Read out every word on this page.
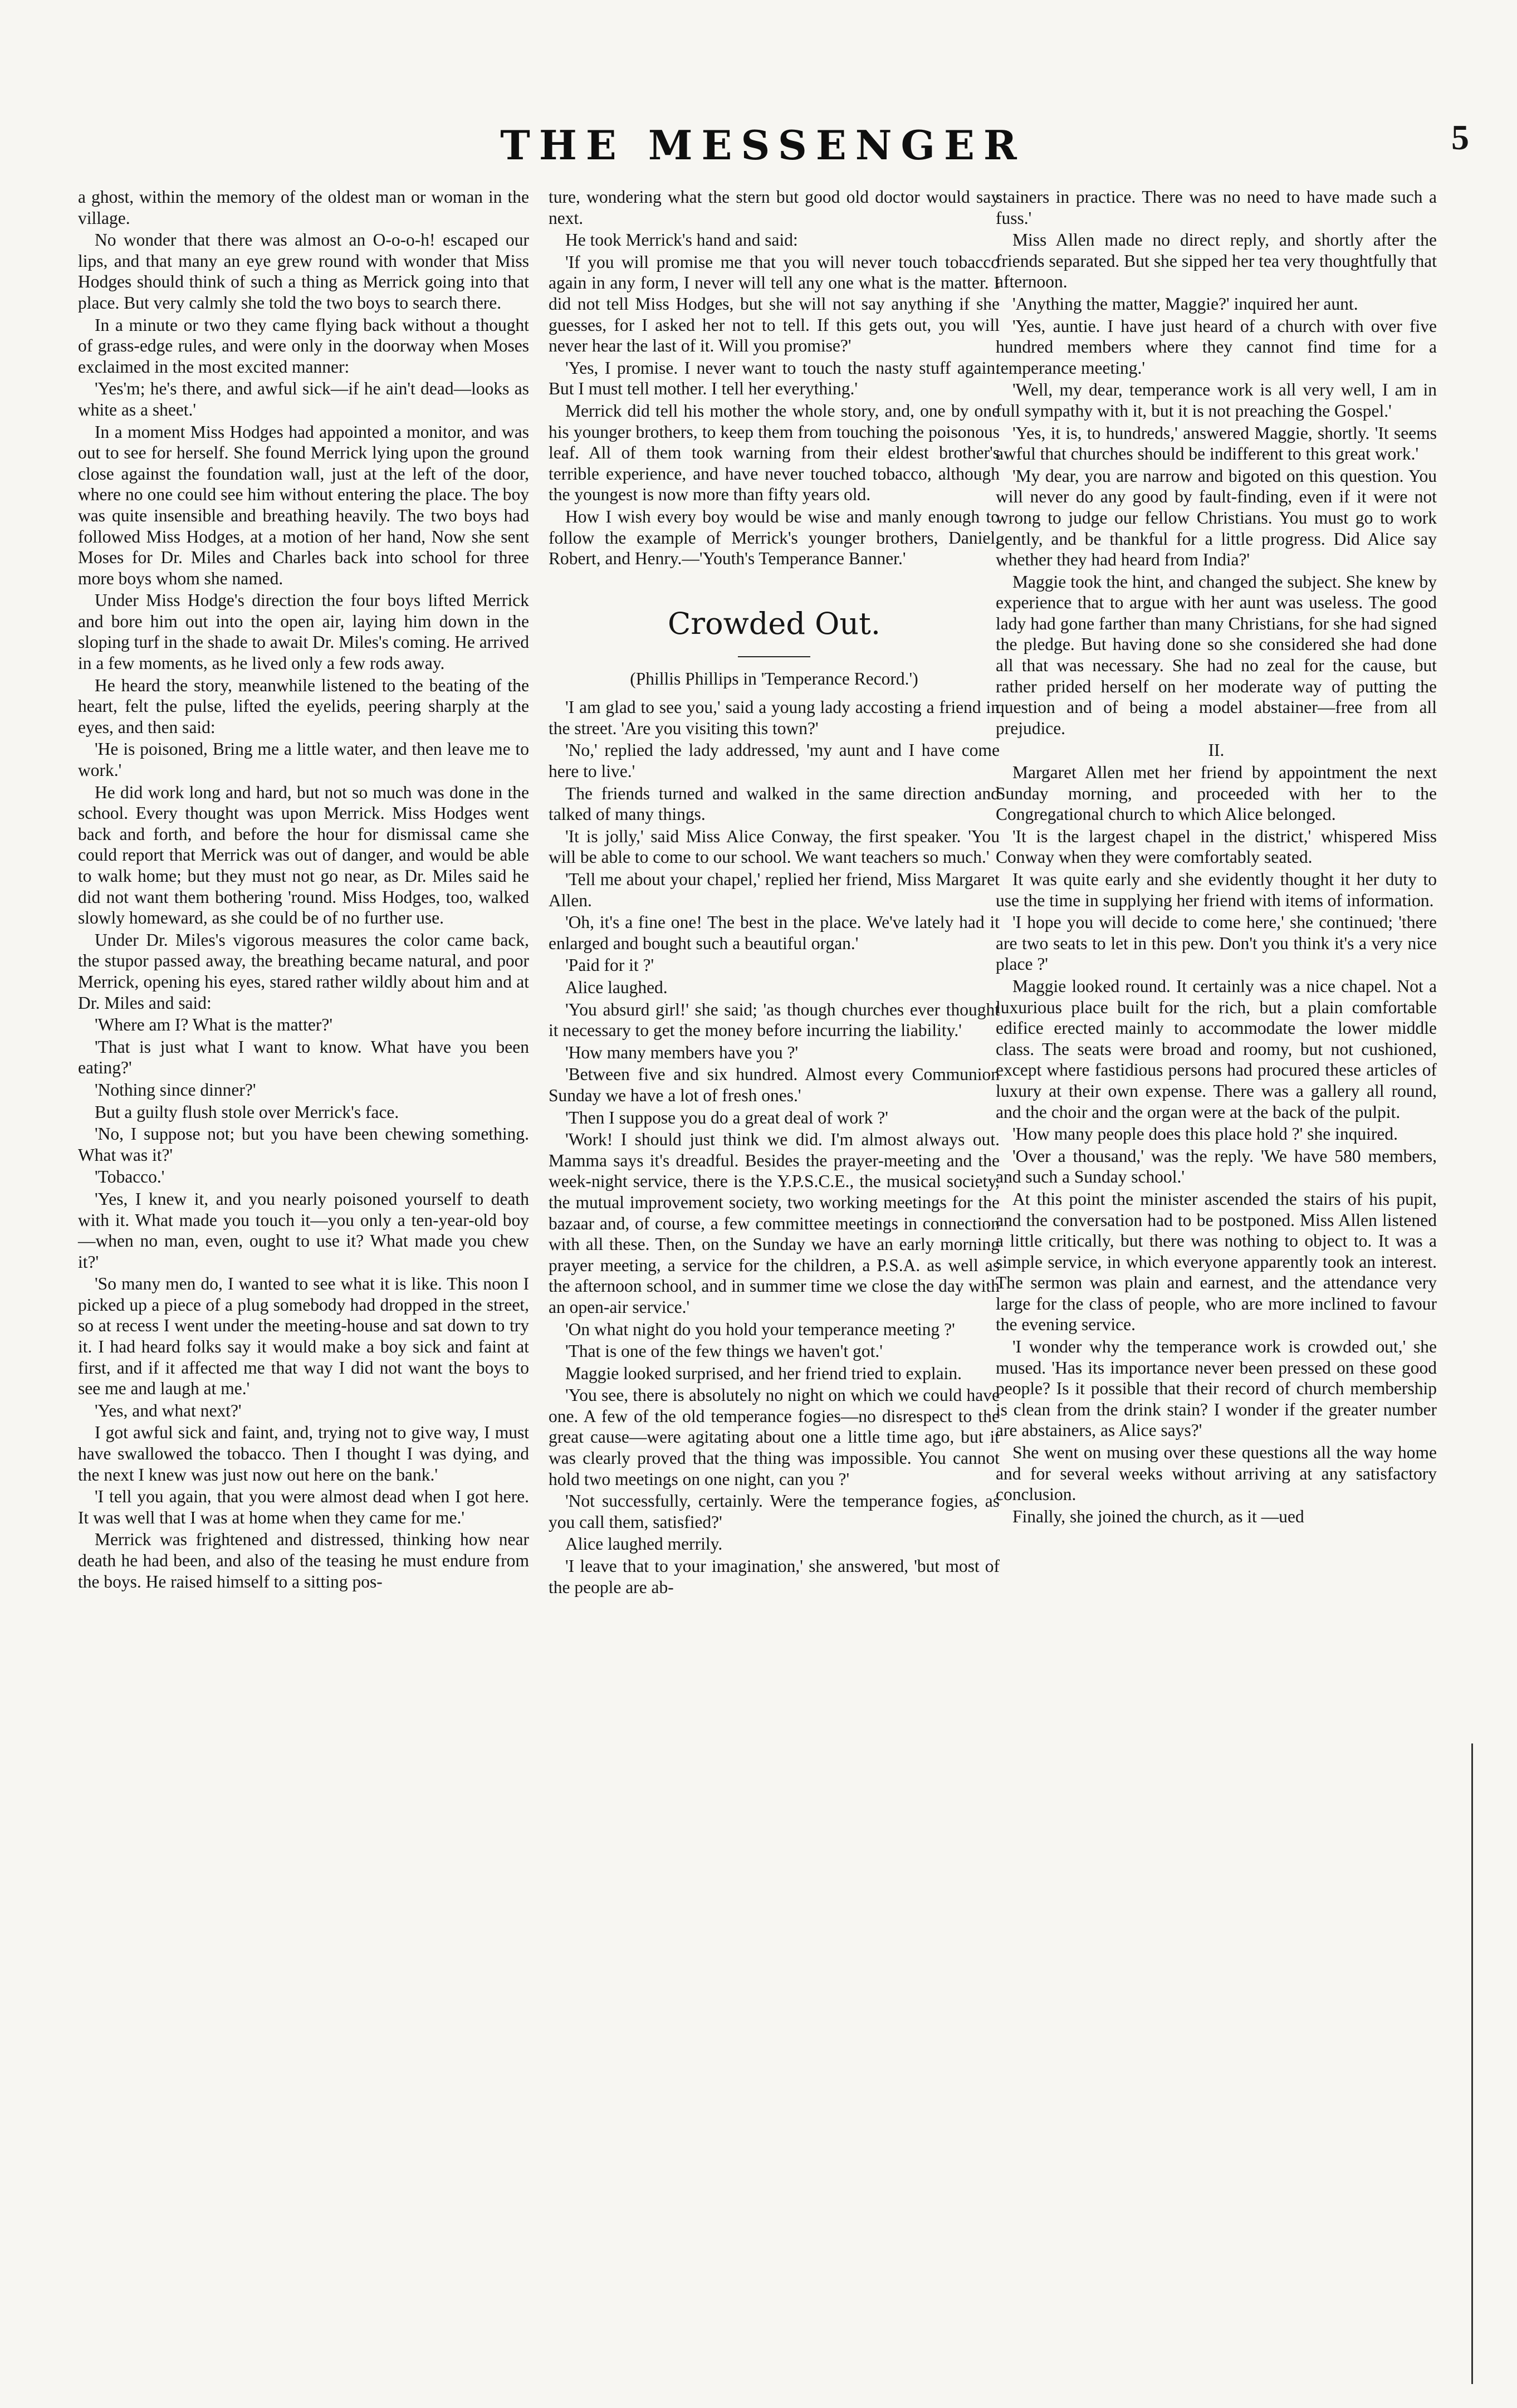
THE MESSENGER	5

a ghost, within the memory of the oldest man or woman in the village.

No wonder that there was almost an O-o-o-h! escaped our lips, and that many an eye grew round with wonder that Miss Hodges should think of such a thing as Merrick going into that place. But very calmly she told the two boys to search there.

In a minute or two they came flying back without a thought of grass-edge rules, and were only in the doorway when Moses exclaimed in the most excited manner:

'Yes'm; he's there, and awful sick—if he ain't dead—looks as white as a sheet.'

In a moment Miss Hodges had appointed a monitor, and was out to see for herself. She found Merrick lying upon the ground close against the foundation wall, just at the left of the door, where no one could see him without entering the place. The boy was quite insensible and breathing heavily. The two boys had followed Miss Hodges, at a motion of her hand, Now she sent Moses for Dr. Miles and Charles back into school for three more boys whom she named.

Under Miss Hodge's direction the four boys lifted Merrick and bore him out into the open air, laying him down in the sloping turf in the shade to await Dr. Miles's coming. He arrived in a few moments, as he lived only a few rods away.

He heard the story, meanwhile listened to the beating of the heart, felt the pulse, lifted the eyelids, peering sharply at the eyes, and then said:

'He is poisoned, Bring me a little water, and then leave me to work.'

He did work long and hard, but not so much was done in the school. Every thought was upon Merrick. Miss Hodges went back and forth, and before the hour for dismissal came she could report that Merrick was out of danger, and would be able to walk home; but they must not go near, as Dr. Miles said he did not want them bothering 'round. Miss Hodges, too, walked slowly homeward, as she could be of no further use.

Under Dr. Miles's vigorous measures the color came back, the stupor passed away, the breathing became natural, and poor Merrick, opening his eyes, stared rather wildly about him and at Dr. Miles and said:

'Where am I? What is the matter?'

'That is just what I want to know. What have you been eating?'

'Nothing since dinner?'

But a guilty flush stole over Merrick's face.

'No, I suppose not; but you have been chewing something. What was it?'

'Tobacco.'

'Yes, I knew it, and you nearly poisoned yourself to death with it. What made you touch it—you only a ten-year-old boy—when no man, even, ought to use it? What made you chew it?'

'So many men do, I wanted to see what it is like. This noon I picked up a piece of a plug somebody had dropped in the street, so at recess I went under the meeting-house and sat down to try it. I had heard folks say it would make a boy sick and faint at first, and if it affected me that way I did not want the boys to see me and laugh at me.'

'Yes, and what next?'

I got awful sick and faint, and, trying not to give way, I must have swallowed the tobacco. Then I thought I was dying, and the next I knew was just now out here on the bank.'

'I tell you again, that you were almost dead when I got here. It was well that I was at home when they came for me.'

Merrick was frightened and distressed, thinking how near death he had been, and also of the teasing he must endure from the boys. He raised himself to a sitting pos-

ture, wondering what the stern but good old doctor would say next.

He took Merrick's hand and said:

'If you will promise me that you will never touch tobacco again in any form, I never will tell any one what is the matter. I did not tell Miss Hodges, but she will not say anything if she guesses, for I asked her not to tell. If this gets out, you will never hear the last of it. Will you promise?'

'Yes, I promise. I never want to touch the nasty stuff again. But I must tell mother. I tell her everything.'

Merrick did tell his mother the whole story, and, one by one his younger brothers, to keep them from touching the poisonous leaf. All of them took warning from their eldest brother's terrible experience, and have never touched tobacco, although the youngest is now more than fifty years old.

How I wish every boy would be wise and manly enough to follow the example of Merrick's younger brothers, Daniel, Robert, and Henry.—'Youth's Temperance Banner.'

Crowded Out.

(Phillis Phillips in 'Temperance Record.')

'I am glad to see you,' said a young lady accosting a friend in the street. 'Are you visiting this town?'

'No,' replied the lady addressed, 'my aunt and I have come here to live.'

The friends turned and walked in the same direction and talked of many things.

'It is jolly,' said Miss Alice Conway, the first speaker. 'You will be able to come to our school. We want teachers so much.'

'Tell me about your chapel,' replied her friend, Miss Margaret Allen.

'Oh, it's a fine one! The best in the place. We've lately had it enlarged and bought such a beautiful organ.'

'Paid for it ?'

Alice laughed.

'You absurd girl!' she said; 'as though churches ever thought it necessary to get the money before incurring the liability.'

'How many members have you ?'

'Between five and six hundred. Almost every Communion Sunday we have a lot of fresh ones.'

'Then I suppose you do a great deal of work ?'

'Work! I should just think we did. I'm almost always out. Mamma says it's dreadful. Besides the prayer-meeting and the week-night service, there is the Y.P.S.C.E., the musical society, the mutual improvement society, two working meetings for the bazaar and, of course, a few committee meetings in connection with all these. Then, on the Sunday we have an early morning prayer meeting, a service for the children, a P.S.A. as well as the afternoon school, and in summer time we close the day with an open-air service.'

'On what night do you hold your temperance meeting ?'

'That is one of the few things we haven't got.'

Maggie looked surprised, and her friend tried to explain.

'You see, there is absolutely no night on which we could have one. A few of the old temperance fogies—no disrespect to the great cause—were agitating about one a little time ago, but it was clearly proved that the thing was impossible. You cannot hold two meetings on one night, can you ?'

'Not successfully, certainly. Were the temperance fogies, as you call them, satisfied?'

Alice laughed merrily.

'I leave that to your imagination,' she answered, 'but most of the people are ab-

stainers in practice. There was no need to have made such a fuss.'

Miss Allen made no direct reply, and shortly after the friends separated. But she sipped her tea very thoughtfully that afternoon.

'Anything the matter, Maggie?' inquired her aunt.

'Yes, auntie. I have just heard of a church with over five hundred members where they cannot find time for a temperance meeting.'

'Well, my dear, temperance work is all very well, I am in full sympathy with it, but it is not preaching the Gospel.'

'Yes, it is, to hundreds,' answered Maggie, shortly. 'It seems awful that churches should be indifferent to this great work.'

'My dear, you are narrow and bigoted on this question. You will never do any good by fault-finding, even if it were not wrong to judge our fellow Christians. You must go to work gently, and be thankful for a little progress. Did Alice say whether they had heard from India?'

Maggie took the hint, and changed the subject. She knew by experience that to argue with her aunt was useless. The good lady had gone farther than many Christians, for she had signed the pledge. But having done so she considered she had done all that was necessary. She had no zeal for the cause, but rather prided herself on her moderate way of putting the question and of being a model abstainer—free from all prejudice.

II.

Margaret Allen met her friend by appointment the next Sunday morning, and proceeded with her to the Congregational church to which Alice belonged.

'It is the largest chapel in the district,' whispered Miss Conway when they were comfortably seated.

It was quite early and she evidently thought it her duty to use the time in supplying her friend with items of information.

'I hope you will decide to come here,' she continued; 'there are two seats to let in this pew. Don't you think it's a very nice place ?'

Maggie looked round. It certainly was a nice chapel. Not a luxurious place built for the rich, but a plain comfortable edifice erected mainly to accommodate the lower middle class. The seats were broad and roomy, but not cushioned, except where fastidious persons had procured these articles of luxury at their own expense. There was a gallery all round, and the choir and the organ were at the back of the pulpit.

'How many people does this place hold ?' she inquired.

'Over a thousand,' was the reply. 'We have 580 members, and such a Sunday school.'

At this point the minister ascended the stairs of his pupit, and the conversation had to be postponed. Miss Allen listened a little critically, but there was nothing to object to. It was a simple service, in which everyone apparently took an interest. The sermon was plain and earnest, and the attendance very large for the class of people, who are more inclined to favour the evening service.

'I wonder why the temperance work is crowded out,' she mused. 'Has its importance never been pressed on these good people? Is it possible that their record of church membership is clean from the drink stain? I wonder if the greater number are abstainers, as Alice says?'

She went on musing over these questions all the way home and for several weeks without arriving at any satisfactory conclusion.

Finally, she joined the church, as it —ued
